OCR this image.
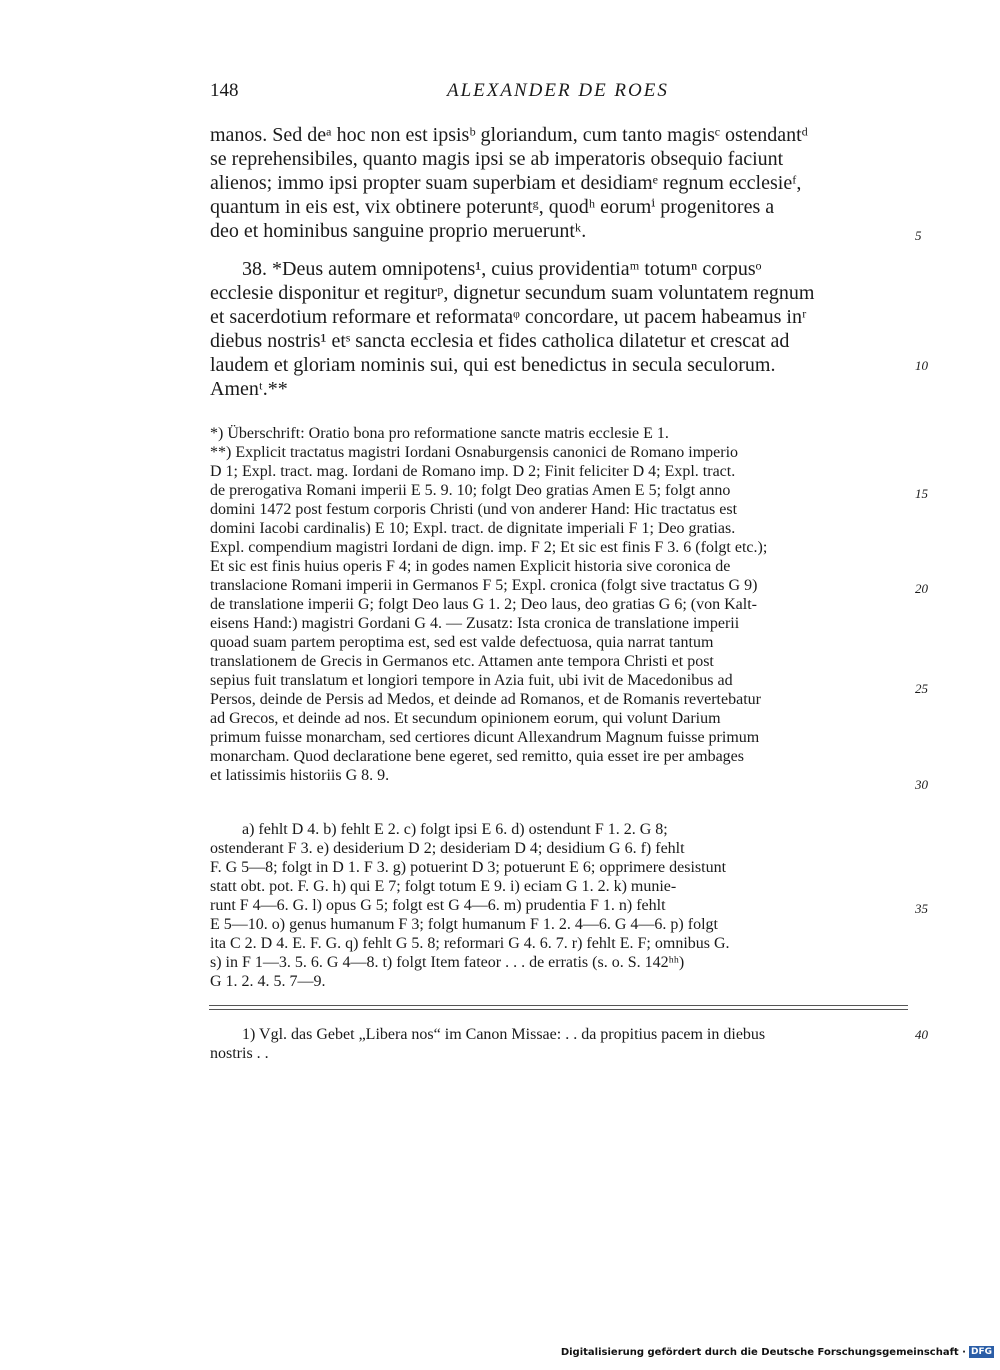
148	ALEXANDER DE ROES
manos. Sed deᵃ hoc non est ipsisᵇ gloriandum, cum tanto magisᶜ ostendantᵈ
se reprehensibiles, quanto magis ipsi se ab imperatoris obsequio faciunt
alienos; immo ipsi propter suam superbiam et desidiamᵉ regnum ecclesieᶠ,
quantum in eis est, vix obtinere poteruntᵍ, quodʰ eorumⁱ progenitores a
deo et hominibus sanguine proprio merueruntᵏ.
38. *Deus autem omnipotens¹, cuius providentiaᵐ totumⁿ corpusᵒ
ecclesie disponitur et regiturᵖ, dignetur secundum suam voluntatem regnum
et sacerdotium reformare et reformataᵠ concordare, ut pacem habeamus inʳ
diebus nostris¹ etˢ sancta ecclesia et fides catholica dilatetur et crescat ad
laudem et gloriam nominis sui, qui est benedictus in secula seculorum.
Amenᵗ.**
5
10
*) Überschrift: Oratio bona pro reformatione sancte matris ecclesie E 1.
**) Explicit tractatus magistri Iordani Osnaburgensis canonici de Romano imperio
D 1; Expl. tract. mag. Iordani de Romano imp. D 2; Finit feliciter D 4; Expl. tract.
de prerogativa Romani imperii E 5. 9. 10; folgt Deo gratias Amen E 5; folgt anno
domini 1472 post festum corporis Christi (und von anderer Hand: Hic tractatus est
domini Iacobi cardinalis) E 10; Expl. tract. de dignitate imperiali F 1; Deo gratias.
Expl. compendium magistri Iordani de dign. imp. F 2; Et sic est finis F 3. 6 (folgt etc.);
Et sic est finis huius operis F 4; in godes namen Explicit historia sive coronica de
translacione Romani imperii in Germanos F 5; Expl. cronica (folgt sive tractatus G 9)
de translatione imperii G; folgt Deo laus G 1. 2; Deo laus, deo gratias G 6; (von Kalt-
eisens Hand:) magistri Gordani G 4. — Zusatz: Ista cronica de translatione imperii
quoad suam partem peroptima est, sed est valde defectuosa, quia narrat tantum
translationem de Grecis in Germanos etc. Attamen ante tempora Christi et post
sepius fuit translatum et longiori tempore in Azia fuit, ubi ivit de Macedonibus ad
Persos, deinde de Persis ad Medos, et deinde ad Romanos, et de Romanis revertebatur
ad Grecos, et deinde ad nos. Et secundum opinionem eorum, qui volunt Darium
primum fuisse monarcham, sed certiores dicunt Allexandrum Magnum fuisse primum
monarcham. Quod declaratione bene egeret, sed remitto, quia esset ire per ambages
et latissimis historiis G 8. 9.
15
20
25
30
a) fehlt D 4. b) fehlt E 2. c) folgt ipsi E 6. d) ostendunt F 1. 2. G 8;
ostenderant F 3. e) desiderium D 2; desideriam D 4; desidium G 6. f) fehlt
F. G 5—8; folgt in D 1. F 3. g) potuerint D 3; potuerunt E 6; opprimere desistunt
statt obt. pot. F. G. h) qui E 7; folgt totum E 9. i) eciam G 1. 2. k) munie-
runt F 4—6. G. l) opus G 5; folgt est G 4—6. m) prudentia F 1. n) fehlt
E 5—10. o) genus humanum F 3; folgt humanum F 1. 2. 4—6. G 4—6. p) folgt
ita C 2. D 4. E. F. G. q) fehlt G 5. 8; reformari G 4. 6. 7. r) fehlt E. F; omnibus G.
s) in F 1—3. 5. 6. G 4—8. t) folgt Item fateor . . . de erratis (s. o. S. 142ʰʰ)
G 1. 2. 4. 5. 7—9.
35
1) Vgl. das Gebet „Libera nos“ im Canon Missae: . . da propitius pacem in diebus
nostris . .
40
Digitalisierung gefördert durch die Deutsche Forschungsgemeinschaft · DFG
